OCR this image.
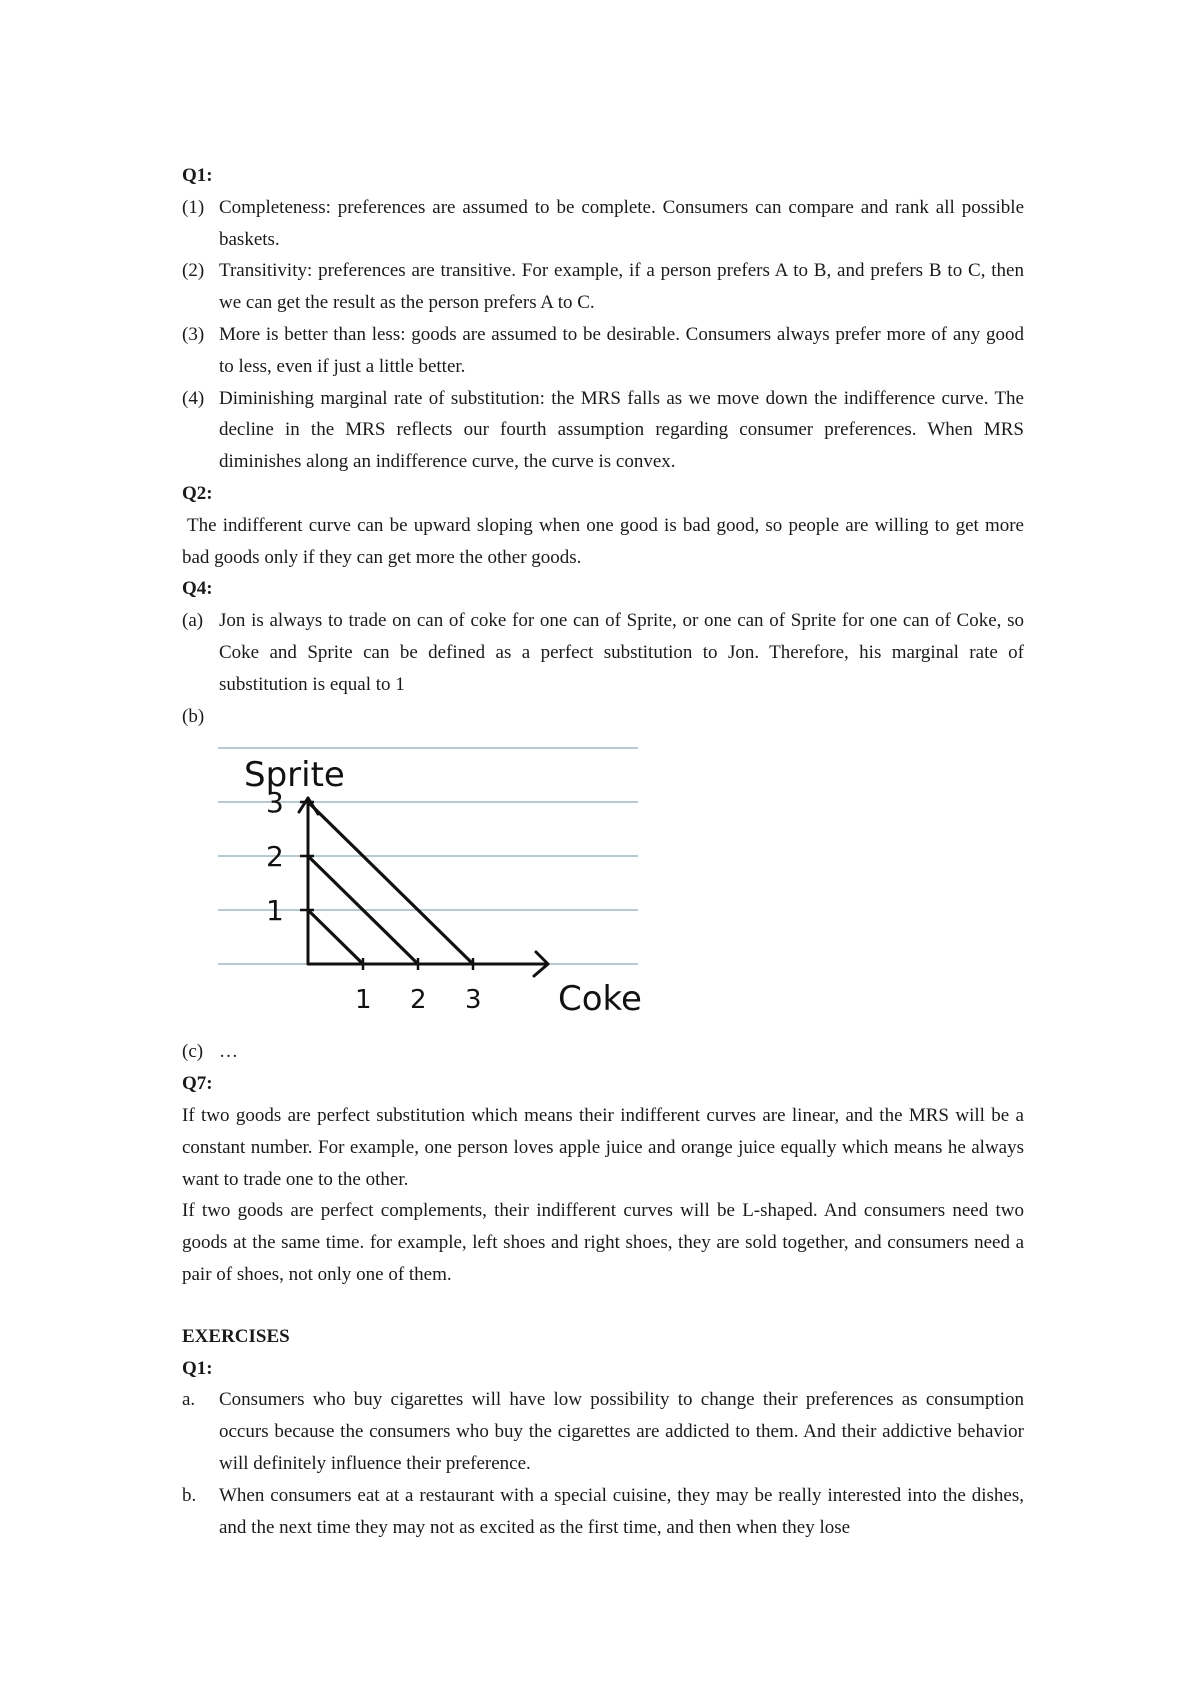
Q1:
(1) Completeness: preferences are assumed to be complete. Consumers can compare and rank all possible baskets.
(2) Transitivity: preferences are transitive. For example, if a person prefers A to B, and prefers B to C, then we can get the result as the person prefers A to C.
(3) More is better than less: goods are assumed to be desirable. Consumers always prefer more of any good to less, even if just a little better.
(4) Diminishing marginal rate of substitution: the MRS falls as we move down the indifference curve. The decline in the MRS reflects our fourth assumption regarding consumer preferences. When MRS diminishes along an indifference curve, the curve is convex.
Q2:
The indifferent curve can be upward sloping when one good is bad good, so people are willing to get more bad goods only if they can get more the other goods.
Q4:
(a) Jon is always to trade on can of coke for one can of Sprite, or one can of Sprite for one can of Coke, so Coke and Sprite can be defined as a perfect substitution to Jon. Therefore, his marginal rate of substitution is equal to 1
(b)
Sprite
Coke
1
2
3
1 2 3
(c) …
Q7:
If two goods are perfect substitution which means their indifferent curves are linear, and the MRS will be a constant number. For example, one person loves apple juice and orange juice equally which means he always want to trade one to the other.
If two goods are perfect complements, their indifferent curves will be L-shaped. And consumers need two goods at the same time. for example, left shoes and right shoes, they are sold together, and consumers need a pair of shoes, not only one of them.
EXERCISES
Q1:
a.	Consumers who buy cigarettes will have low possibility to change their preferences as consumption occurs because the consumers who buy the cigarettes are addicted to them. And their addictive behavior will definitely influence their preference.
b.	When consumers eat at a restaurant with a special cuisine, they may be really interested into the dishes, and the next time they may not as excited as the first time, and then when they lose
